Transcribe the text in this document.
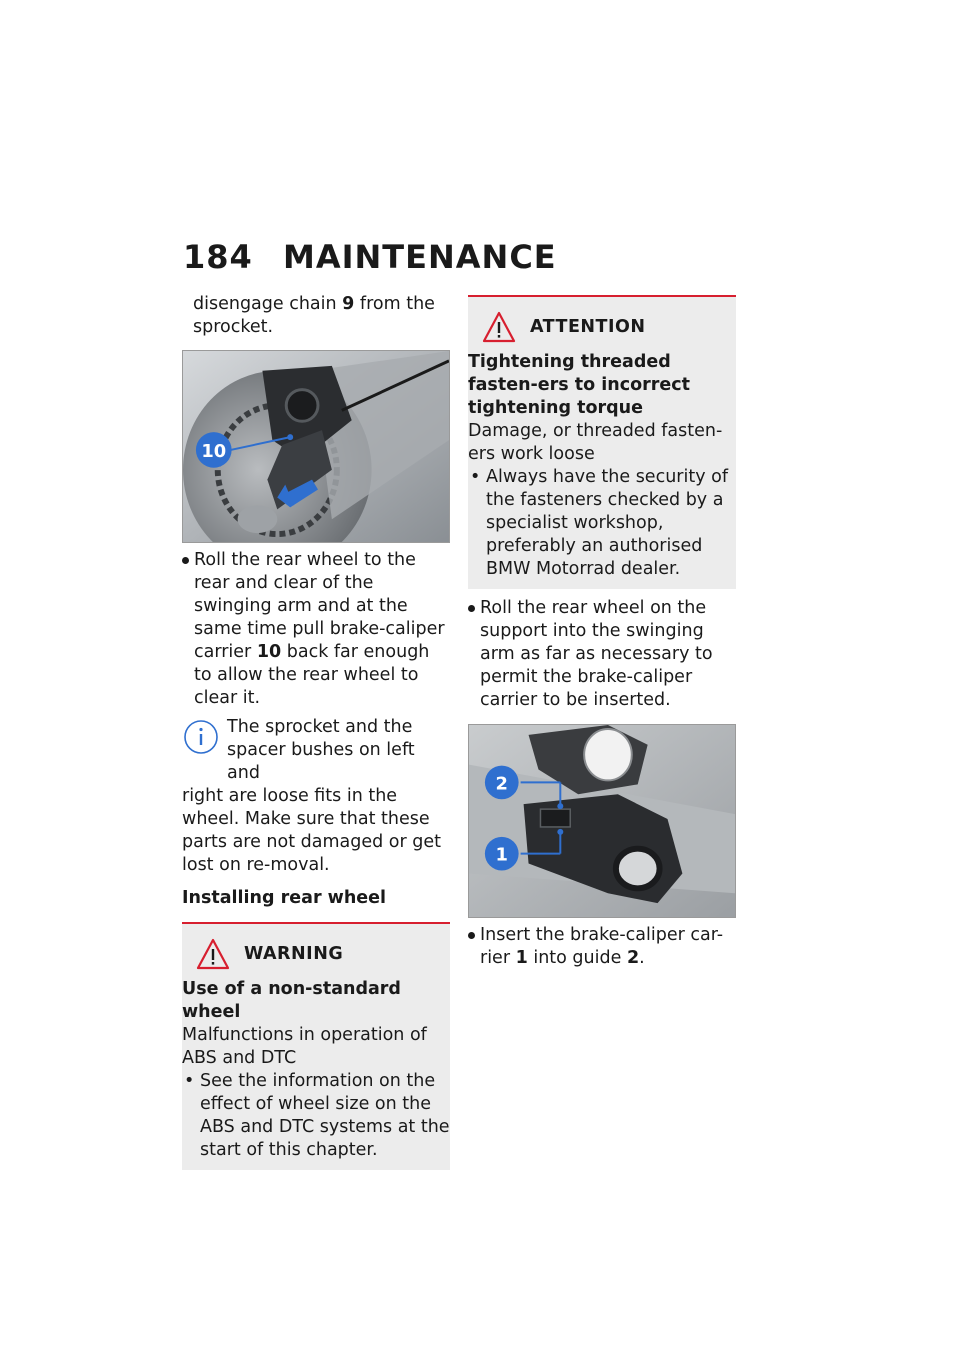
184 MAINTENANCE

disengage chain 9 from the sprocket.

10
Roll the rear wheel to the rear and clear of the swinging arm and at the same time pull brake-caliper carrier 10 back far enough to allow the rear wheel to clear it.
The sprocket and the spacer bushes on left and
right are loose fits in the wheel. Make sure that these parts are not damaged or get lost on re-moval.
Installing rear wheel
WARNING
Use of a non-standard wheel
Malfunctions in operation of ABS and DTC
• See the information on the effect of wheel size on the ABS and DTC systems at the start of this chapter.
ATTENTION
Tightening threaded fasten-ers to incorrect tightening torque
Damage, or threaded fasten-ers work loose
• Always have the security of the fasteners checked by a specialist workshop, preferably an authorised BMW Motorrad dealer.
Roll the rear wheel on the support into the swinging arm as far as necessary to permit the brake-caliper carrier to be inserted.
2
1
Insert the brake-caliper car-rier 1 into guide 2.
